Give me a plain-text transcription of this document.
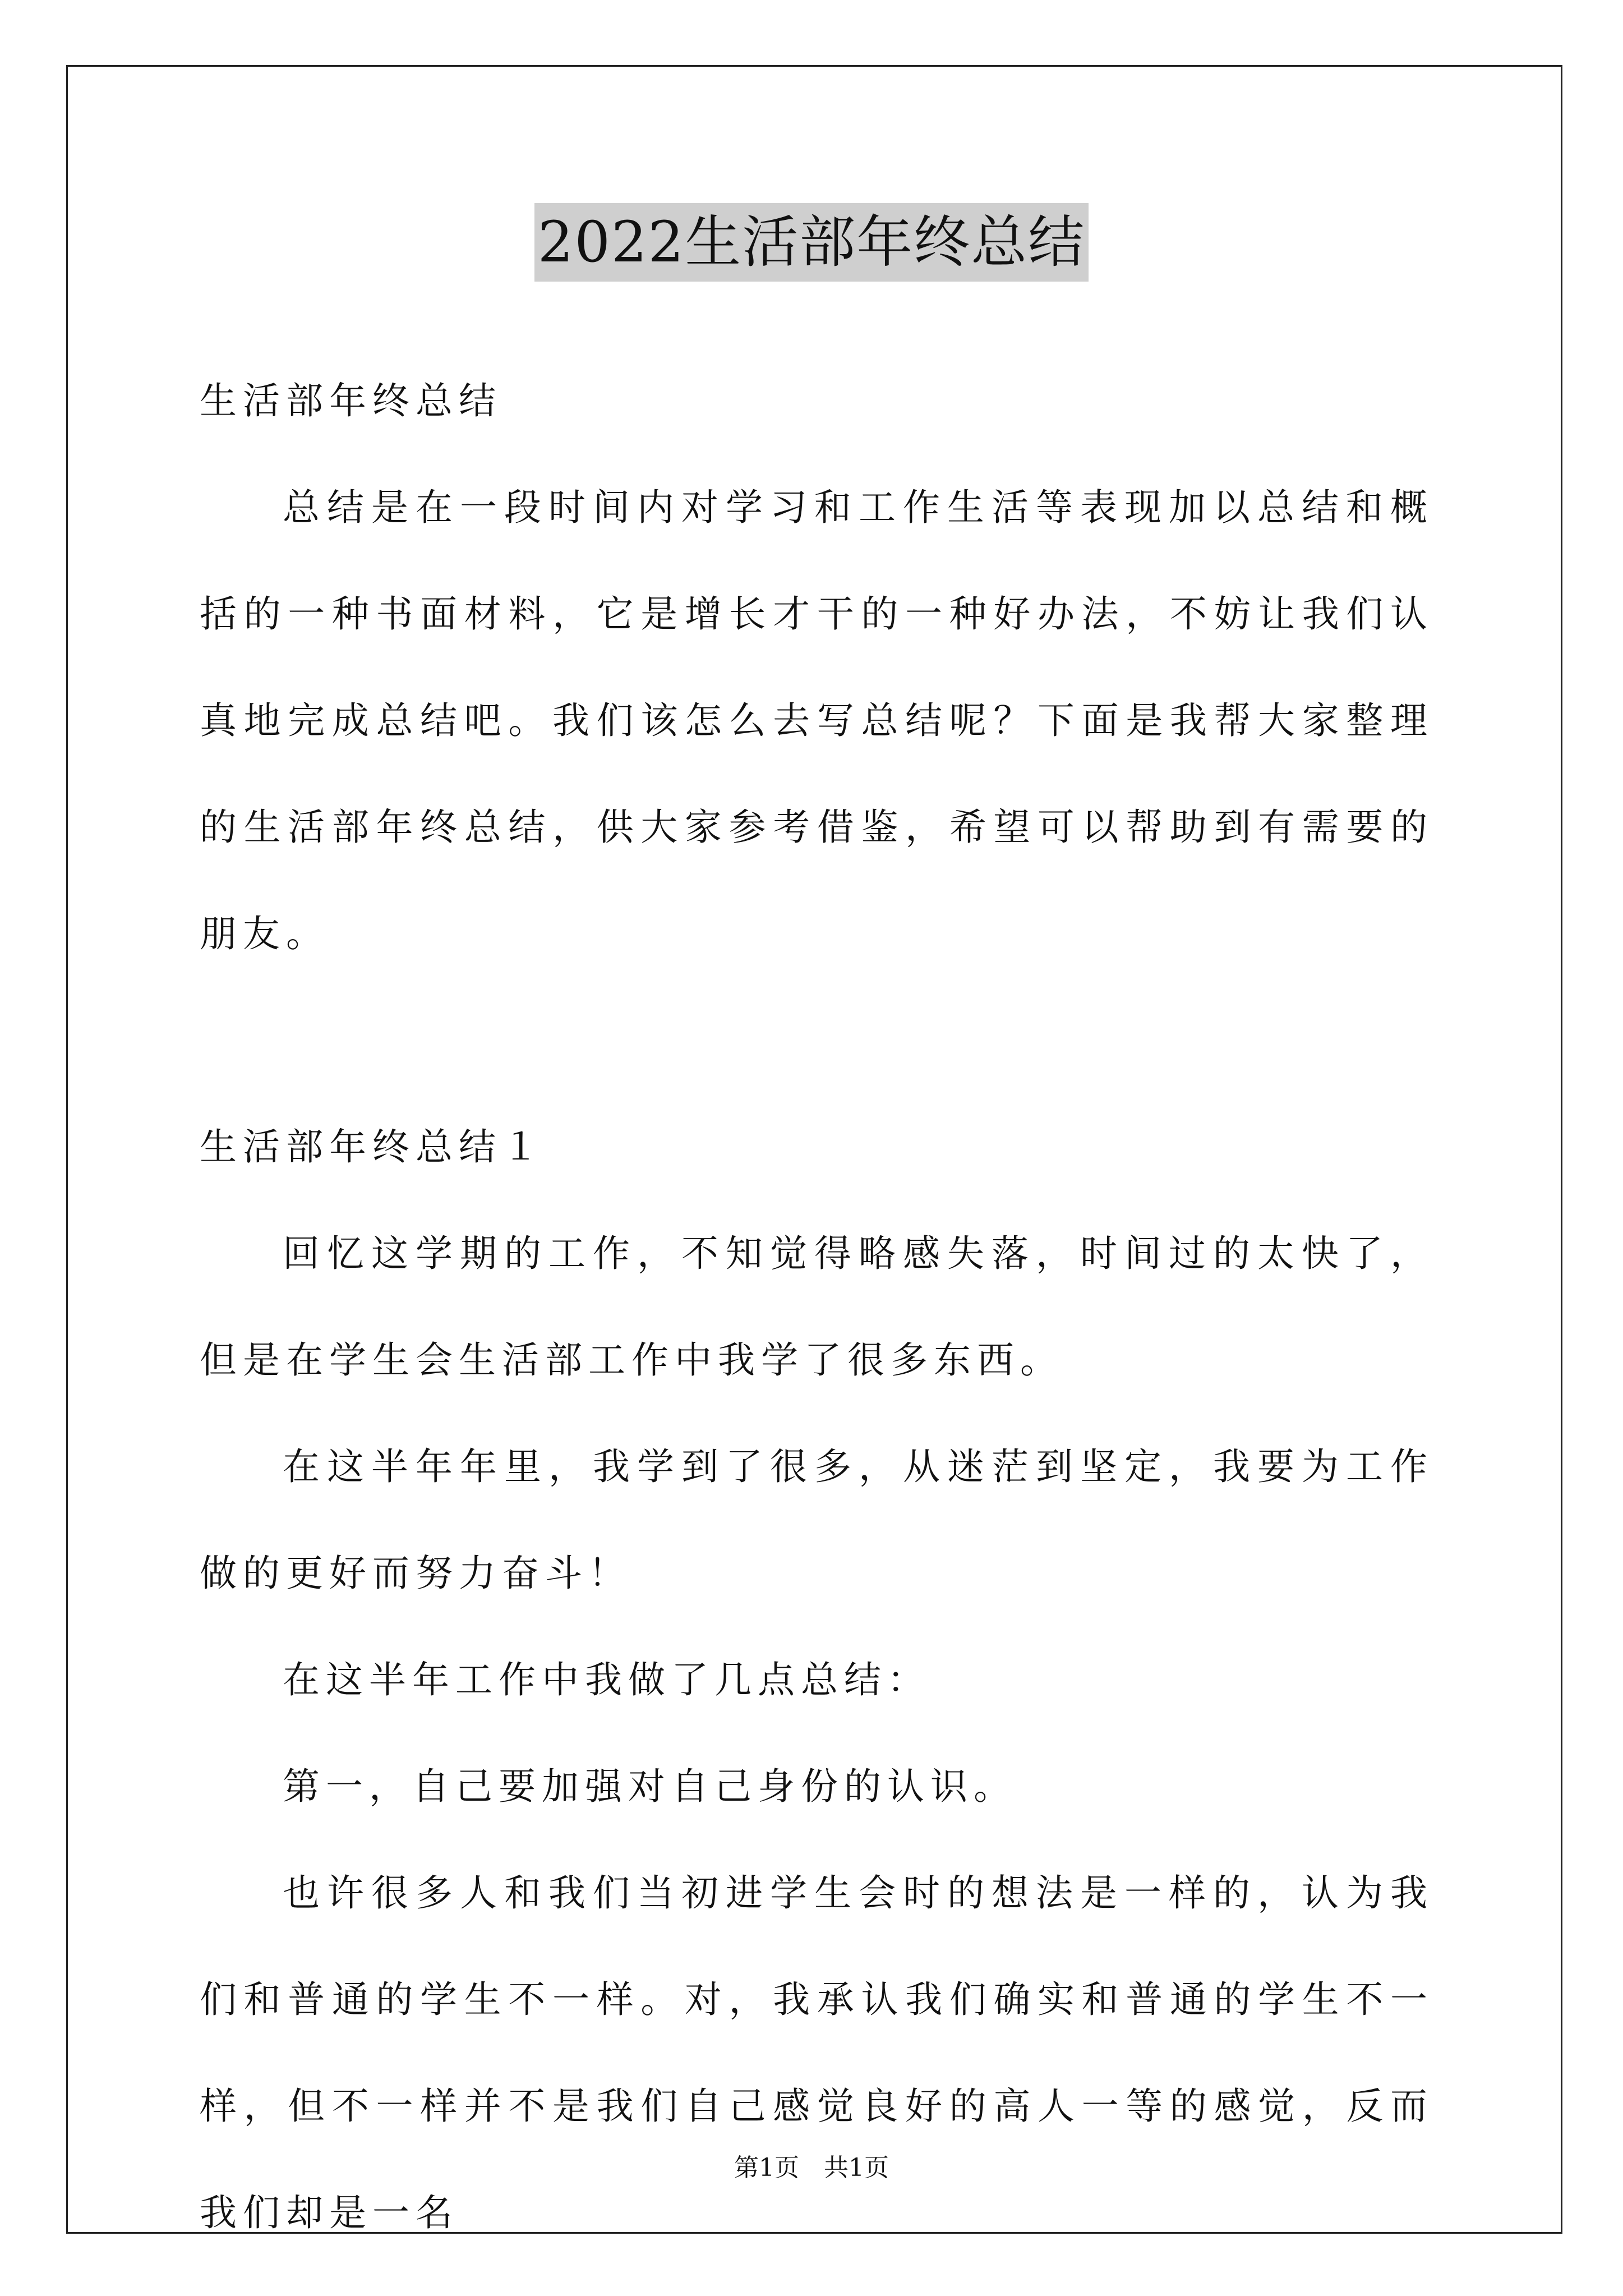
2022生活部年终总结

生活部年终总结

总结是在一段时间内对学习和工作生活等表现加以总结和概括的一种书面材料，它是增长才干的一种好办法，不妨让我们认真地完成总结吧。我们该怎么去写总结呢？下面是我帮大家整理的生活部年终总结，供大家参考借鉴，希望可以帮助到有需要的朋友。

生活部年终总结１

回忆这学期的工作，不知觉得略感失落，时间过的太快了，但是在学生会生活部工作中我学了很多东西。

在这半年年里，我学到了很多，从迷茫到坚定，我要为工作做的更好而努力奋斗！

在这半年工作中我做了几点总结：

第一，自己要加强对自己身份的认识。

也许很多人和我们当初进学生会时的想法是一样的，认为我们和普通的学生不一样。对，我承认我们确实和普通的学生不一样，但不一样并不是我们自己感觉良好的高人一等的感觉，反而我们却是一名

第1页　共1页
